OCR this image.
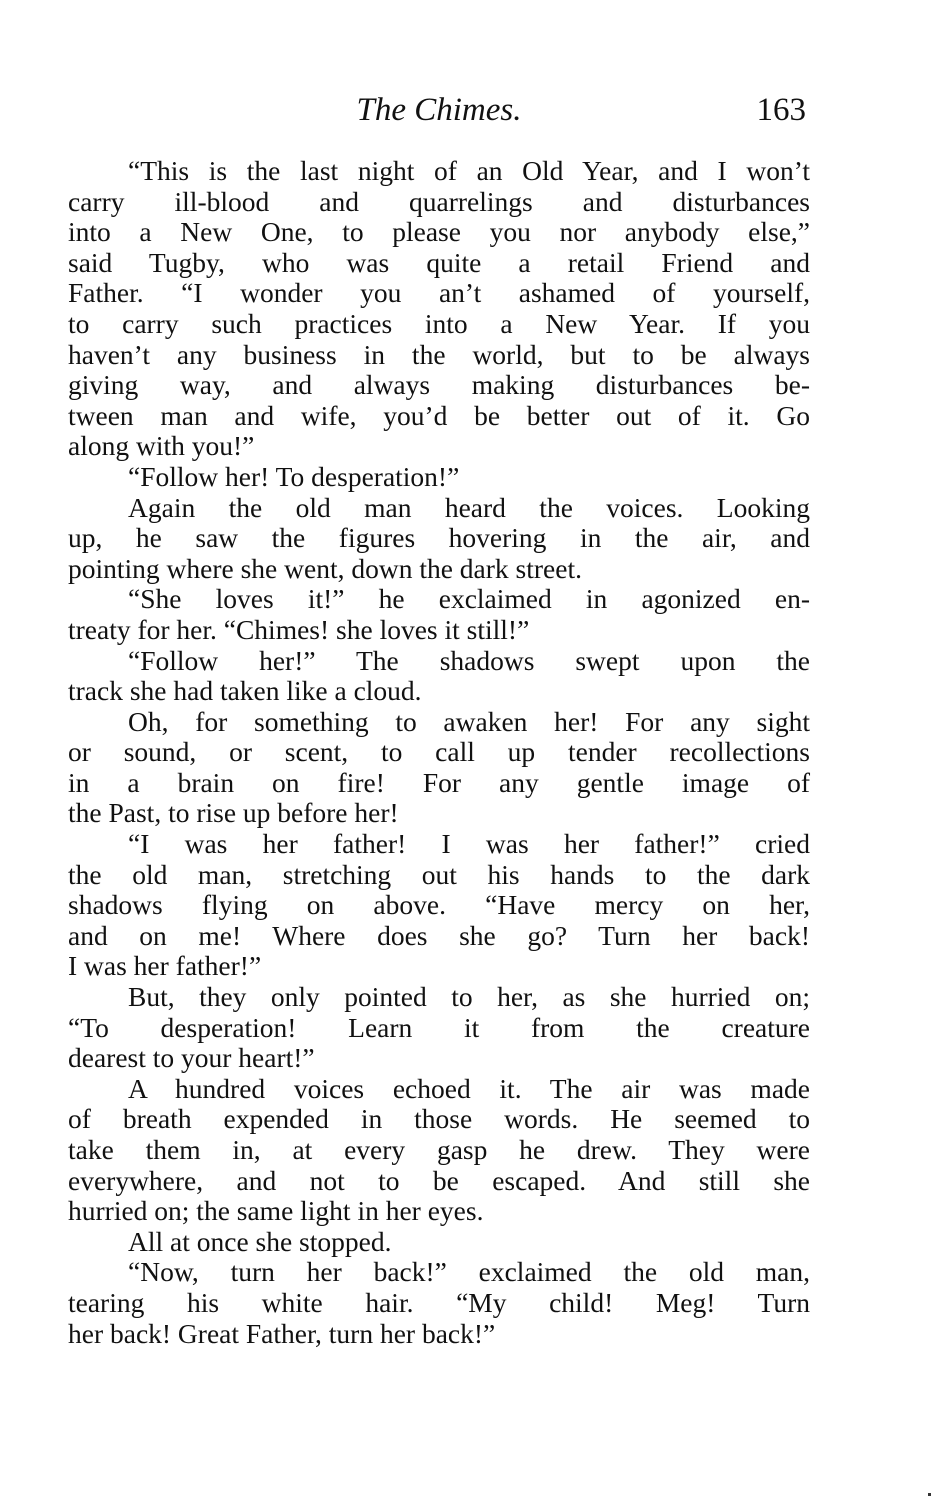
The Chimes.	163

“This is the last night of an Old Year, and I won’t
carry ill-blood and quarrelings and disturbances
into a New One, to please you nor anybody else,”
said Tugby, who was quite a retail Friend and
Father. “I wonder you an’t ashamed of yourself,
to carry such practices into a New Year. If you
haven’t any business in the world, but to be always
giving way, and always making disturbances be-
tween man and wife, you’d be better out of it. Go
along with you!”

“Follow her! To desperation!”

Again the old man heard the voices. Looking
up, he saw the figures hovering in the air, and
pointing where she went, down the dark street.

“She loves it!” he exclaimed in agonized en-
treaty for her. “Chimes! she loves it still!”

“Follow her!” The shadows swept upon the
track she had taken like a cloud.

Oh, for something to awaken her! For any sight
or sound, or scent, to call up tender recollections
in a brain on fire! For any gentle image of
the Past, to rise up before her!

“I was her father! I was her father!” cried
the old man, stretching out his hands to the dark
shadows flying on above. “Have mercy on her,
and on me! Where does she go? Turn her back!
I was her father!”

But, they only pointed to her, as she hurried on;
“To desperation! Learn it from the creature
dearest to your heart!”

A hundred voices echoed it. The air was made
of breath expended in those words. He seemed to
take them in, at every gasp he drew. They were
everywhere, and not to be escaped. And still she
hurried on; the same light in her eyes.

All at once she stopped.

“Now, turn her back!” exclaimed the old man,
tearing his white hair. “My child! Meg! Turn
her back! Great Father, turn her back!”
